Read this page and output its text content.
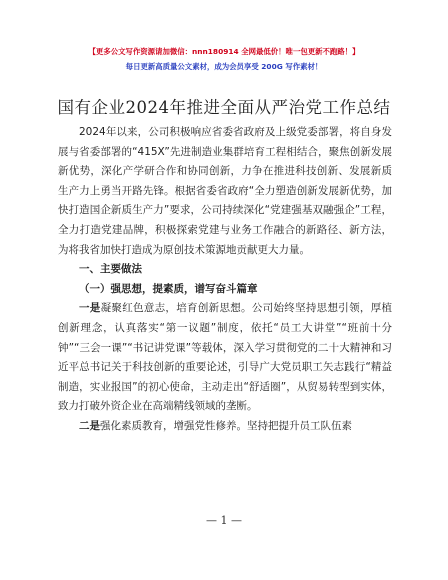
【更多公文写作资源请加微信：nnn180914 全网最低价！唯一包更新不跑路！】
每日更新高质量公文素材，成为会员享受 200G 写作素材！
国有企业2024年推进全面从严治党工作总结

2024年以来，公司积极响应省委省政府及上级党委部署，将自身发展与省委部署的“415X”先进制造业集群培育工程相结合，聚焦创新发展新优势，深化产学研合作和协同创新，力争在推进科技创新、发展新质生产力上勇当开路先锋。根据省委省政府“全力塑造创新发展新优势，加快打造国企新质生产力”要求，公司持续深化“党建强基双融强企”工程，全力打造党建品牌，积极探索党建与业务工作融合的新路径、新方法，为将我省加快打造成为原创技术策源地贡献更大力量。

一、主要做法

（一）强思想，提素质，谱写奋斗篇章

一是凝聚红色意志，培育创新思想。公司始终坚持思想引领，厚植创新理念，认真落实“第一议题”制度，依托“员工大讲堂”“班前十分钟”“三会一课”“书记讲党课”等载体，深入学习贯彻党的二十大精神和习近平总书记关于科技创新的重要论述，引导广大党员职工矢志践行“精益制造，实业报国”的初心使命，主动走出“舒适圈”，从贸易转型到实体，致力打破外资企业在高端精线领域的垄断。

二是强化素质教育，增强党性修养。坚持把提升员工队伍素

— 1 —
